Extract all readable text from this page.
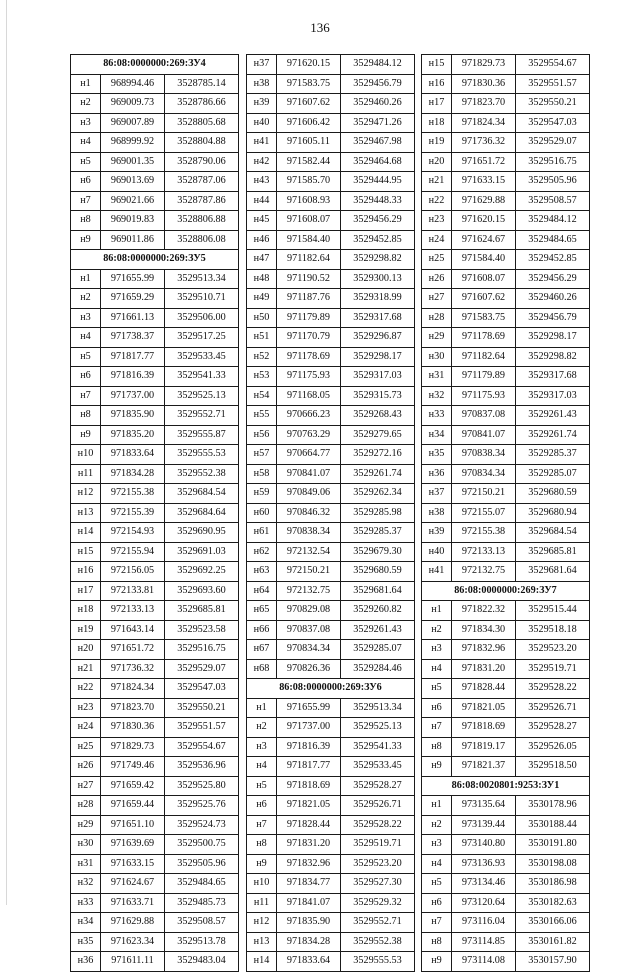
136
86:08:0000000:269:ЗУ4		
н1	968994.46	3528785.14
н2	969009.73	3528786.66
н3	969007.89	3528805.68
н4	968999.92	3528804.88
н5	969001.35	3528790.06
н6	969013.69	3528787.06
н7	969021.66	3528787.86
н8	969019.83	3528806.88
н9	969011.86	3528806.08
86:08:0000000:269:ЗУ5		
н1	971655.99	3529513.34
н2	971659.29	3529510.71
н3	971661.13	3529506.00
н4	971738.37	3529517.25
н5	971817.77	3529533.45
н6	971816.39	3529541.33
н7	971737.00	3529525.13
н8	971835.90	3529552.71
н9	971835.20	3529555.87
н10	971833.64	3529555.53
н11	971834.28	3529552.38
н12	972155.38	3529684.54
н13	972155.39	3529684.64
н14	972154.93	3529690.95
н15	972155.94	3529691.03
н16	972156.05	3529692.25
н17	972133.81	3529693.60
н18	972133.13	3529685.81
н19	971643.14	3529523.58
н20	971651.72	3529516.75
н21	971736.32	3529529.07
н22	971824.34	3529547.03
н23	971823.70	3529550.21
н24	971830.36	3529551.57
н25	971829.73	3529554.67
н26	971749.46	3529536.96
н27	971659.42	3529525.80
н28	971659.44	3529525.76
н29	971651.10	3529524.73
н30	971639.69	3529500.75
н31	971633.15	3529505.96
н32	971624.67	3529484.65
н33	971633.71	3529485.73
н34	971629.88	3529508.57
н35	971623.34	3529513.78
н36	971611.11	3529483.04
н37	971620.15	3529484.12
н38	971583.75	3529456.79
н39	971607.62	3529460.26
н40	971606.42	3529471.26
н41	971605.11	3529467.98
н42	971582.44	3529464.68
н43	971585.70	3529444.95
н44	971608.93	3529448.33
н45	971608.07	3529456.29
н46	971584.40	3529452.85
н47	971182.64	3529298.82
н48	971190.52	3529300.13
н49	971187.76	3529318.99
н50	971179.89	3529317.68
н51	971170.79	3529296.87
н52	971178.69	3529298.17
н53	971175.93	3529317.03
н54	971168.05	3529315.73
н55	970666.23	3529268.43
н56	970763.29	3529279.65
н57	970664.77	3529272.16
н58	970841.07	3529261.74
н59	970849.06	3529262.34
н60	970846.32	3529285.98
н61	970838.34	3529285.37
н62	972132.54	3529679.30
н63	972150.21	3529680.59
н64	972132.75	3529681.64
н65	970829.08	3529260.82
н66	970837.08	3529261.43
н67	970834.34	3529285.07
н68	970826.36	3529284.46
86:08:0000000:269:ЗУ6		
н1	971655.99	3529513.34
н2	971737.00	3529525.13
н3	971816.39	3529541.33
н4	971817.77	3529533.45
н5	971818.69	3529528.27
н6	971821.05	3529526.71
н7	971828.44	3529528.22
н8	971831.20	3529519.71
н9	971832.96	3529523.20
н10	971834.77	3529527.30
н11	971841.07	3529529.32
н12	971835.90	3529552.71
н13	971834.28	3529552.38
н14	971833.64	3529555.53
н15	971829.73	3529554.67
н16	971830.36	3529551.57
н17	971823.70	3529550.21
н18	971824.34	3529547.03
н19	971736.32	3529529.07
н20	971651.72	3529516.75
н21	971633.15	3529505.96
н22	971629.88	3529508.57
н23	971620.15	3529484.12
н24	971624.67	3529484.65
н25	971584.40	3529452.85
н26	971608.07	3529456.29
н27	971607.62	3529460.26
н28	971583.75	3529456.79
н29	971178.69	3529298.17
н30	971182.64	3529298.82
н31	971179.89	3529317.68
н32	971175.93	3529317.03
н33	970837.08	3529261.43
н34	970841.07	3529261.74
н35	970838.34	3529285.37
н36	970834.34	3529285.07
н37	972150.21	3529680.59
н38	972155.07	3529680.94
н39	972155.38	3529684.54
н40	972133.13	3529685.81
н41	972132.75	3529681.64
86:08:0000000:269:ЗУ7		
н1	971822.32	3529515.44
н2	971834.30	3529518.18
н3	971832.96	3529523.20
н4	971831.20	3529519.71
н5	971828.44	3529528.22
н6	971821.05	3529526.71
н7	971818.69	3529528.27
н8	971819.17	3529526.05
н9	971821.37	3529518.50
86:08:0020801:9253:ЗУ1		
н1	973135.64	3530178.96
н2	973139.44	3530188.44
н3	973140.80	3530191.80
н4	973136.93	3530198.08
н5	973134.46	3530186.98
н6	973120.64	3530182.63
н7	973116.04	3530166.06
н8	973114.85	3530161.82
н9	973114.08	3530157.90
